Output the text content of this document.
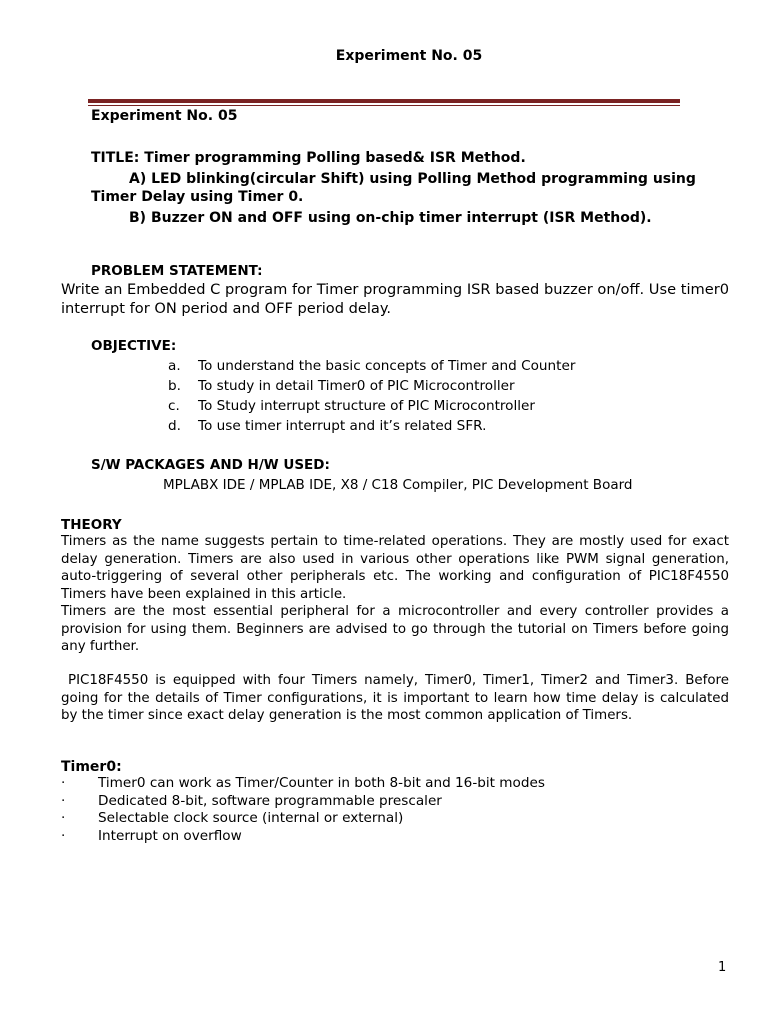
Experiment No. 05
Experiment No. 05
TITLE: Timer programming Polling based& ISR Method.
A) LED blinking(circular Shift) using Polling Method programming using
Timer Delay using Timer 0.
B) Buzzer ON and OFF using on-chip timer interrupt (ISR Method).
PROBLEM STATEMENT:
Write an Embedded C program for Timer programming ISR based buzzer on/off. Use timer0 interrupt for ON period and OFF period delay.
OBJECTIVE:
a. To understand the basic concepts of Timer and Counter
b. To study in detail Timer0 of PIC Microcontroller
c. To Study interrupt structure of PIC Microcontroller
d. To use timer interrupt and it’s related SFR.
S/W PACKAGES AND H/W USED:
MPLABX IDE / MPLAB IDE, X8 / C18 Compiler, PIC Development Board
THEORY
Timers as the name suggests pertain to time-related operations. They are mostly used for exact delay generation. Timers are also used in various other operations like PWM signal generation, auto-triggering of several other peripherals etc. The working and configuration of PIC18F4550 Timers have been explained in this article.
Timers are the most essential peripheral for a microcontroller and every controller provides a provision for using them. Beginners are advised to go through the tutorial on Timers before going any further.
PIC18F4550 is equipped with four Timers namely, Timer0, Timer1, Timer2 and Timer3. Before going for the details of Timer configurations, it is important to learn how time delay is calculated by the timer since exact delay generation is the most common application of Timers.
Timer0:
· Timer0 can work as Timer/Counter in both 8-bit and 16-bit modes
· Dedicated 8-bit, software programmable prescaler
· Selectable clock source (internal or external)
· Interrupt on overflow
1
